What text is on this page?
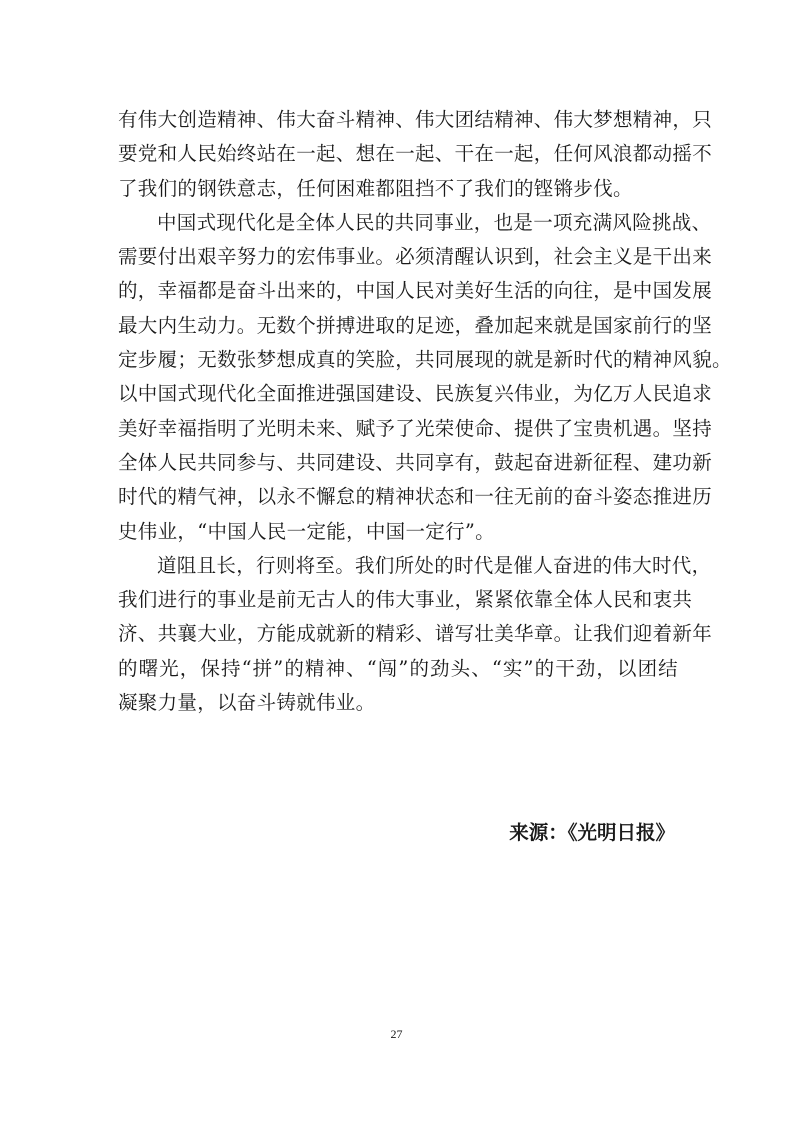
有伟大创造精神、伟大奋斗精神、伟大团结精神、伟大梦想精神，只
要党和人民始终站在一起、想在一起、干在一起，任何风浪都动摇不
了我们的钢铁意志，任何困难都阻挡不了我们的铿锵步伐。
中国式现代化是全体人民的共同事业，也是一项充满风险挑战、
需要付出艰辛努力的宏伟事业。必须清醒认识到，社会主义是干出来
的，幸福都是奋斗出来的，中国人民对美好生活的向往，是中国发展
最大内生动力。无数个拼搏进取的足迹，叠加起来就是国家前行的坚
定步履；无数张梦想成真的笑脸，共同展现的就是新时代的精神风貌。
以中国式现代化全面推进强国建设、民族复兴伟业，为亿万人民追求
美好幸福指明了光明未来、赋予了光荣使命、提供了宝贵机遇。坚持
全体人民共同参与、共同建设、共同享有，鼓起奋进新征程、建功新
时代的精气神，以永不懈怠的精神状态和一往无前的奋斗姿态推进历
史伟业，“中国人民一定能，中国一定行”。
道阻且长，行则将至。我们所处的时代是催人奋进的伟大时代，
我们进行的事业是前无古人的伟大事业，紧紧依靠全体人民和衷共
济、共襄大业，方能成就新的精彩、谱写壮美华章。让我们迎着新年
的曙光，保持“拼”的精神、“闯”的劲头、“实”的干劲，以团结
凝聚力量，以奋斗铸就伟业。
来源：《光明日报》
27
